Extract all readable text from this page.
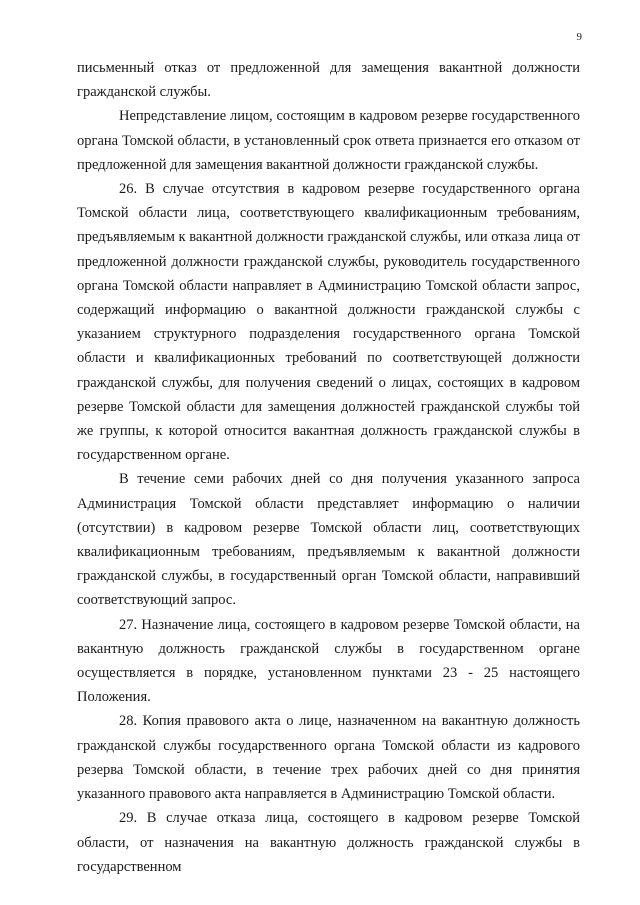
9

письменный отказ от предложенной для замещения вакантной должности гражданской службы.

Непредставление лицом, состоящим в кадровом резерве государственного органа Томской области, в установленный срок ответа признается его отказом от предложенной для замещения вакантной должности гражданской службы.

26. В случае отсутствия в кадровом резерве государственного органа Томской области лица, соответствующего квалификационным требованиям, предъявляемым к вакантной должности гражданской службы, или отказа лица от предложенной должности гражданской службы, руководитель государственного органа Томской области направляет в Администрацию Томской области запрос, содержащий информацию о вакантной должности гражданской службы с указанием структурного подразделения государственного органа Томской области и квалификационных требований по соответствующей должности гражданской службы, для получения сведений о лицах, состоящих в кадровом резерве Томской области для замещения должностей гражданской службы той же группы, к которой относится вакантная должность гражданской службы в государственном органе.

В течение семи рабочих дней со дня получения указанного запроса Администрация Томской области представляет информацию о наличии (отсутствии) в кадровом резерве Томской области лиц, соответствующих квалификационным требованиям, предъявляемым к вакантной должности гражданской службы, в государственный орган Томской области, направивший соответствующий запрос.

27. Назначение лица, состоящего в кадровом резерве Томской области, на вакантную должность гражданской службы в государственном органе осуществляется в порядке, установленном пунктами 23 - 25 настоящего Положения.

28. Копия правового акта о лице, назначенном на вакантную должность гражданской службы государственного органа Томской области из кадрового резерва Томской области, в течение трех рабочих дней со дня принятия указанного правового акта направляется в Администрацию Томской области.

29. В случае отказа лица, состоящего в кадровом резерве Томской области, от назначения на вакантную должность гражданской службы в государственном
